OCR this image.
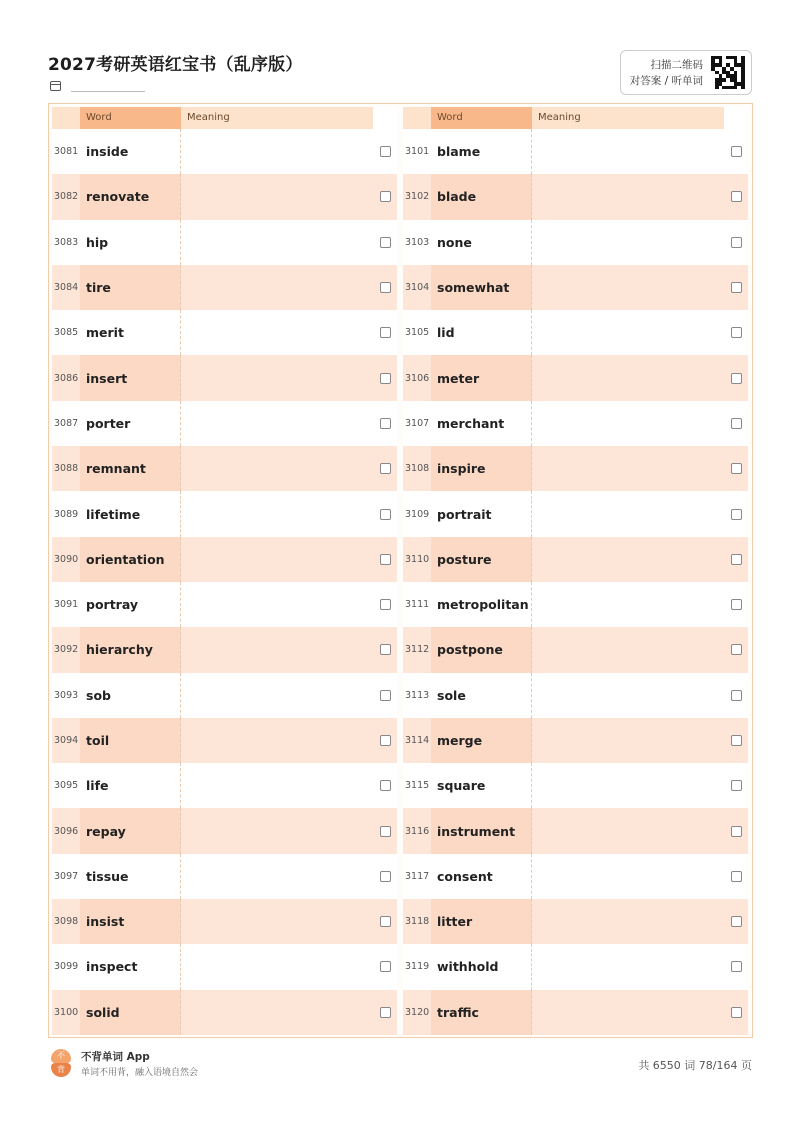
2027考研英语红宝书（乱序版）	扫描二维码
对答案 / 听单词
Word	Meaning
3081 inside
3082 renovate
3083 hip
3084 tire
3085 merit
3086 insert
3087 porter
3088 remnant
3089 lifetime
3090 orientation
3091 portray
3092 hierarchy
3093 sob
3094 toil
3095 life
3096 repay
3097 tissue
3098 insist
3099 inspect
3100 solid
Word	Meaning
3101 blame
3102 blade
3103 none
3104 somewhat
3105 lid
3106 meter
3107 merchant
3108 inspire
3109 portrait
3110 posture
3111 metropolitan
3112 postpone
3113 sole
3114 merge
3115 square
3116 instrument
3117 consent
3118 litter
3119 withhold
3120 traffic
不
背
不背单词 App
单词不用背，融入语境自然会
共 6550 词 78/164 页
